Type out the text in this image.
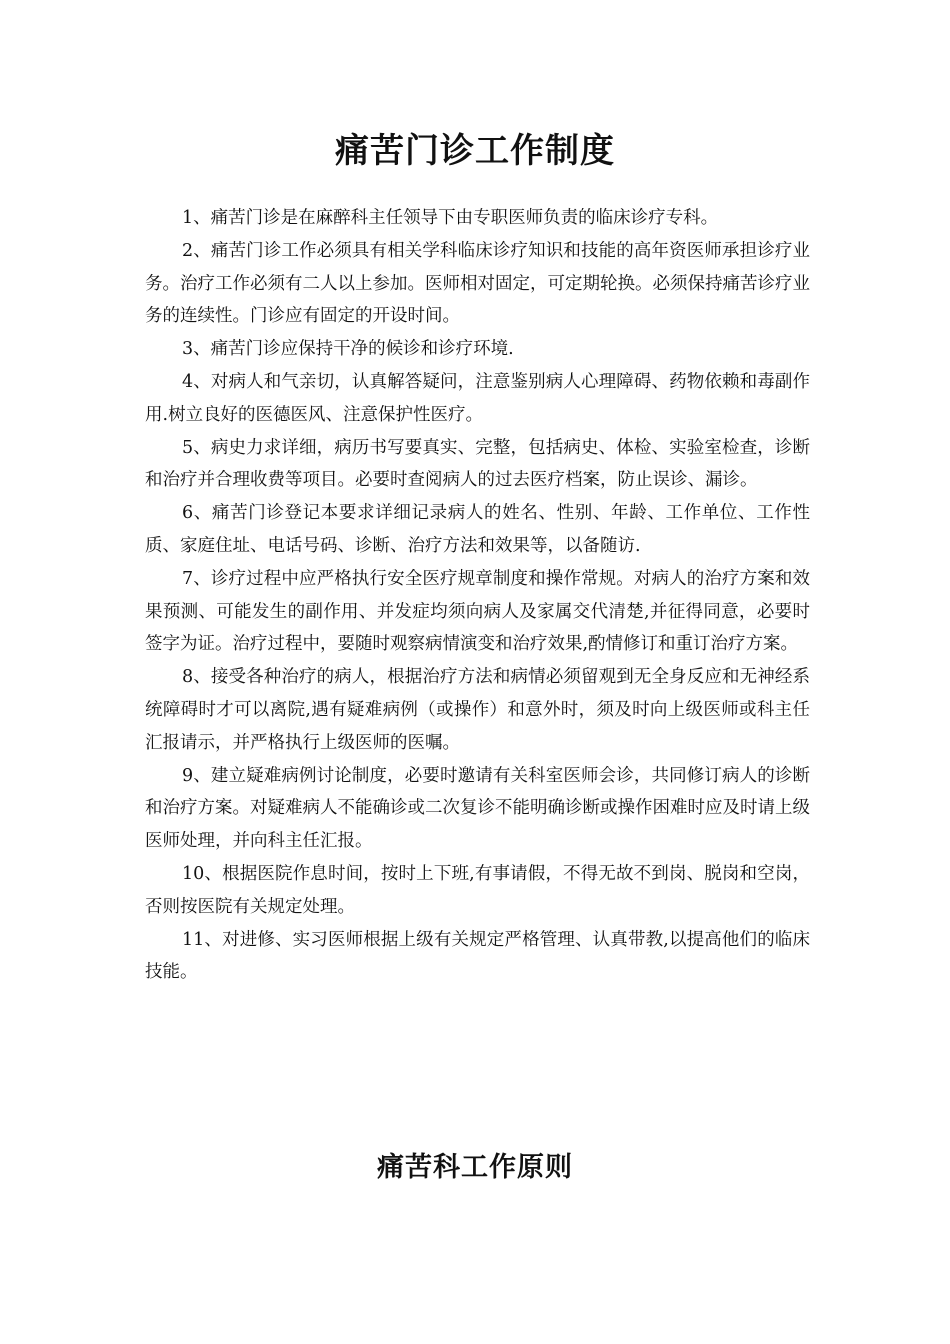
痛苦门诊工作制度

1、痛苦门诊是在麻醉科主任领导下由专职医师负责的临床诊疗专科。

2、痛苦门诊工作必须具有相关学科临床诊疗知识和技能的高年资医师承担诊疗业务。治疗工作必须有二人以上参加。医师相对固定，可定期轮换。必须保持痛苦诊疗业务的连续性。门诊应有固定的开设时间。

3、痛苦门诊应保持干净的候诊和诊疗环境.

4、对病人和气亲切，认真解答疑问，注意鉴别病人心理障碍、药物依赖和毒副作用.树立良好的医德医风、注意保护性医疗。

5、病史力求详细，病历书写要真实、完整，包括病史、体检、实验室检查，诊断和治疗并合理收费等项目。必要时查阅病人的过去医疗档案，防止误诊、漏诊。

6、痛苦门诊登记本要求详细记录病人的姓名、性别、年龄、工作单位、工作性质、家庭住址、电话号码、诊断、治疗方法和效果等，以备随访.

7、诊疗过程中应严格执行安全医疗规章制度和操作常规。对病人的治疗方案和效果预测、可能发生的副作用、并发症均须向病人及家属交代清楚,并征得同意，必要时签字为证。治疗过程中，要随时观察病情演变和治疗效果,酌情修订和重订治疗方案。

8、接受各种治疗的病人，根据治疗方法和病情必须留观到无全身反应和无神经系统障碍时才可以离院,遇有疑难病例（或操作）和意外时，须及时向上级医师或科主任汇报请示，并严格执行上级医师的医嘱。

9、建立疑难病例讨论制度，必要时邀请有关科室医师会诊，共同修订病人的诊断和治疗方案。对疑难病人不能确诊或二次复诊不能明确诊断或操作困难时应及时请上级医师处理，并向科主任汇报。

10、根据医院作息时间，按时上下班,有事请假，不得无故不到岗、脱岗和空岗，否则按医院有关规定处理。

11、对进修、实习医师根据上级有关规定严格管理、认真带教,以提高他们的临床技能。

痛苦科工作原则
